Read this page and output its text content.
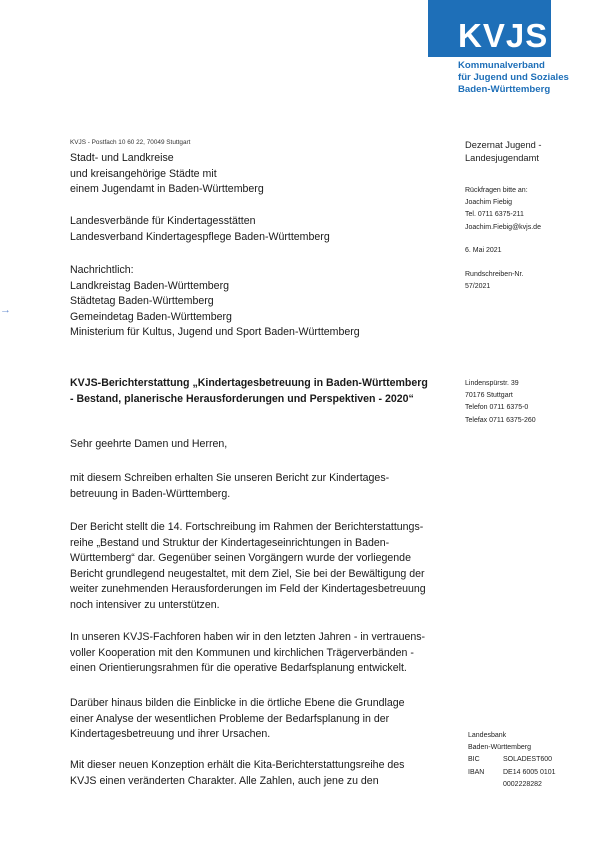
KVJS
Kommunalverband
für Jugend und Soziales
Baden-Württemberg
KVJS - Postfach 10 60 22, 70049 Stuttgart
Stadt- und Landkreise
und kreisangehörige Städte mit
einem Jugendamt in Baden-Württemberg
Landesverbände für Kindertagesstätten
Landesverband Kindertagespflege Baden-Württemberg
Nachrichtlich:
Landkreistag Baden-Württemberg
Städtetag Baden-Württemberg
Gemeindetag Baden-Württemberg
Ministerium für Kultus, Jugend und Sport Baden-Württemberg
→
Dezernat Jugend -
Landesjugendamt
Rückfragen bitte an:
Joachim Fiebig
Tel. 0711 6375-211
Joachim.Fiebig@kvjs.de
6. Mai 2021
Rundschreiben-Nr.
57/2021
Lindenspürstr. 39
70176 Stuttgart
Telefon 0711 6375-0
Telefax 0711 6375-260
Landesbank
Baden-Württemberg
BIC	SOLADEST600
IBAN	DE14 6005 0101
0002228282
KVJS-Berichterstattung „Kindertagesbetreuung in Baden-Württemberg
- Bestand, planerische Herausforderungen und Perspektiven - 2020“
Sehr geehrte Damen und Herren,
mit diesem Schreiben erhalten Sie unseren Bericht zur Kindertages-
betreuung in Baden-Württemberg.
Der Bericht stellt die 14. Fortschreibung im Rahmen der Berichterstattungs-
reihe „Bestand und Struktur der Kindertageseinrichtungen in Baden-
Württemberg“ dar. Gegenüber seinen Vorgängern wurde der vorliegende
Bericht grundlegend neugestaltet, mit dem Ziel, Sie bei der Bewältigung der
weiter zunehmenden Herausforderungen im Feld der Kindertagesbetreuung
noch intensiver zu unterstützen.
In unseren KVJS-Fachforen haben wir in den letzten Jahren - in vertrauens-
voller Kooperation mit den Kommunen und kirchlichen Trägerverbänden -
einen Orientierungsrahmen für die operative Bedarfsplanung entwickelt.
Darüber hinaus bilden die Einblicke in die örtliche Ebene die Grundlage
einer Analyse der wesentlichen Probleme der Bedarfsplanung in der
Kindertagesbetreuung und ihrer Ursachen.
Mit dieser neuen Konzeption erhält die Kita-Berichterstattungsreihe des
KVJS einen veränderten Charakter. Alle Zahlen, auch jene zu den
